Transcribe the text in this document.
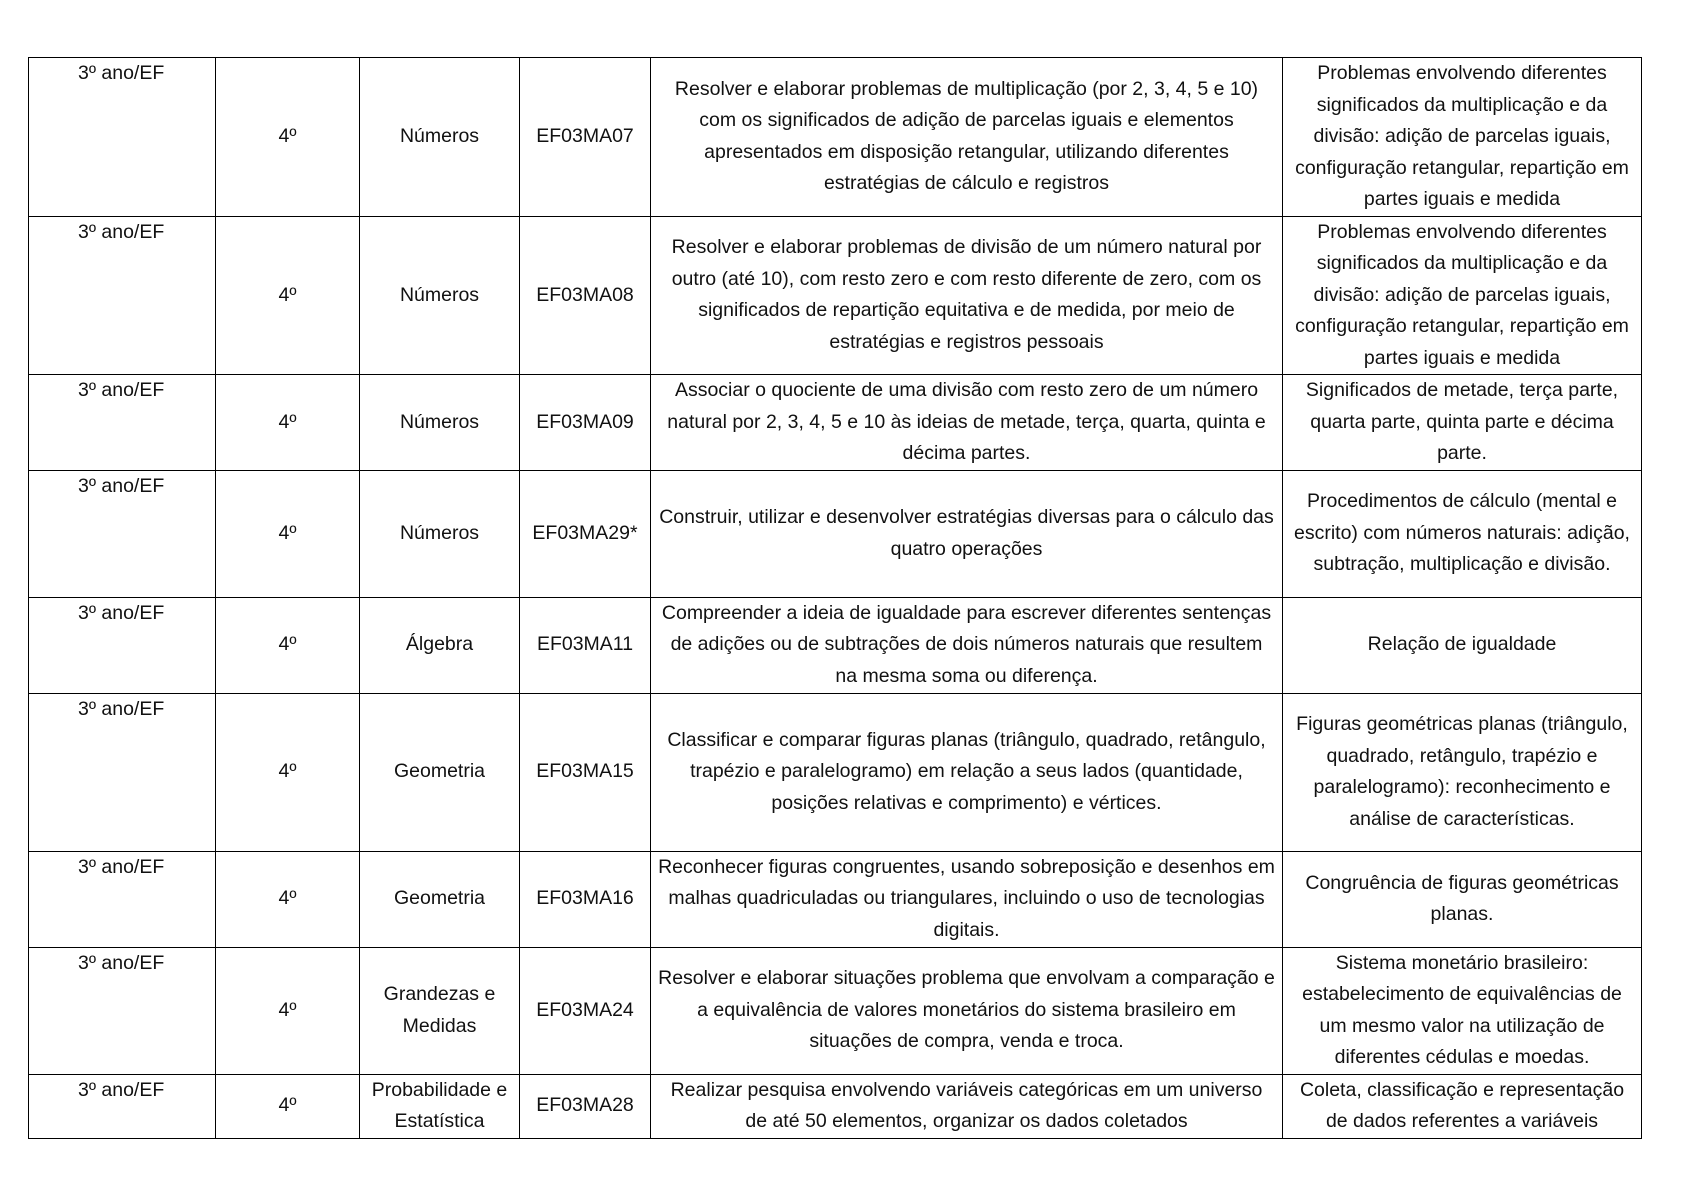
3º ano/EF	4º	Números	EF03MA07	Resolver e elaborar problemas de multiplicação (por 2, 3, 4, 5 e 10) com os significados de adição de parcelas iguais e elementos apresentados em disposição retangular, utilizando diferentes estratégias de cálculo e registros	Problemas envolvendo diferentes significados da multiplicação e da divisão: adição de parcelas iguais, configuração retangular, repartição em partes iguais e medida
3º ano/EF	4º	Números	EF03MA08	Resolver e elaborar problemas de divisão de um número natural por outro (até 10), com resto zero e com resto diferente de zero, com os significados de repartição equitativa e de medida, por meio de estratégias e registros pessoais	Problemas envolvendo diferentes significados da multiplicação e da divisão: adição de parcelas iguais, configuração retangular, repartição em partes iguais e medida
3º ano/EF	4º	Números	EF03MA09	Associar o quociente de uma divisão com resto zero de um número natural por 2, 3, 4, 5 e 10 às ideias de metade, terça, quarta, quinta e décima partes.	Significados de metade, terça parte, quarta parte, quinta parte e décima parte.
3º ano/EF	4º	Números	EF03MA29*	Construir, utilizar e desenvolver estratégias diversas para o cálculo das quatro operações	Procedimentos de cálculo (mental e escrito) com números naturais: adição, subtração, multiplicação e divisão.
3º ano/EF	4º	Álgebra	EF03MA11	Compreender a ideia de igualdade para escrever diferentes sentenças de adições ou de subtrações de dois números naturais que resultem na mesma soma ou diferença.	Relação de igualdade
3º ano/EF	4º	Geometria	EF03MA15	Classificar e comparar figuras planas (triângulo, quadrado, retângulo, trapézio e paralelogramo) em relação a seus lados (quantidade, posições relativas e comprimento) e vértices.	Figuras geométricas planas (triângulo, quadrado, retângulo, trapézio e paralelogramo): reconhecimento e análise de características.
3º ano/EF	4º	Geometria	EF03MA16	Reconhecer figuras congruentes, usando sobreposição e desenhos em malhas quadriculadas ou triangulares, incluindo o uso de tecnologias digitais.	Congruência de figuras geométricas planas.
3º ano/EF	4º	Grandezas e Medidas	EF03MA24	Resolver e elaborar situações problema que envolvam a comparação e a equivalência de valores monetários do sistema brasileiro em situações de compra, venda e troca.	Sistema monetário brasileiro: estabelecimento de equivalências de um mesmo valor na utilização de diferentes cédulas e moedas.
3º ano/EF	4º	Probabilidade e Estatística	EF03MA28	Realizar pesquisa envolvendo variáveis categóricas em um universo de até 50 elementos, organizar os dados coletados	Coleta, classificação e representação de dados referentes a variáveis
